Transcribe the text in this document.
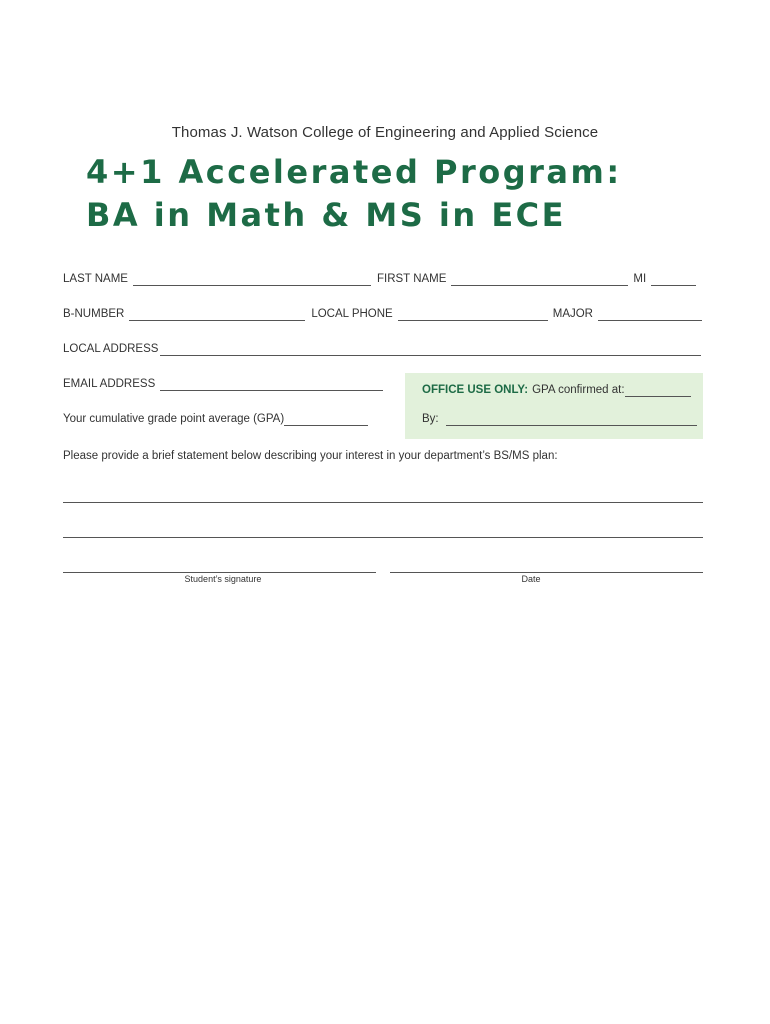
Thomas J. Watson College of Engineering and Applied Science
4+1 Accelerated Program:
BA in Math & MS in ECE
LAST NAME	FIRST NAME	MI
B-NUMBER	LOCAL PHONE	MAJOR
LOCAL ADDRESS
EMAIL ADDRESS
Your cumulative grade point average (GPA)
OFFICE USE ONLY: GPA confirmed at:
By:
Please provide a brief statement below describing your interest in your department’s BS/MS plan:
Student’s signature	Date
